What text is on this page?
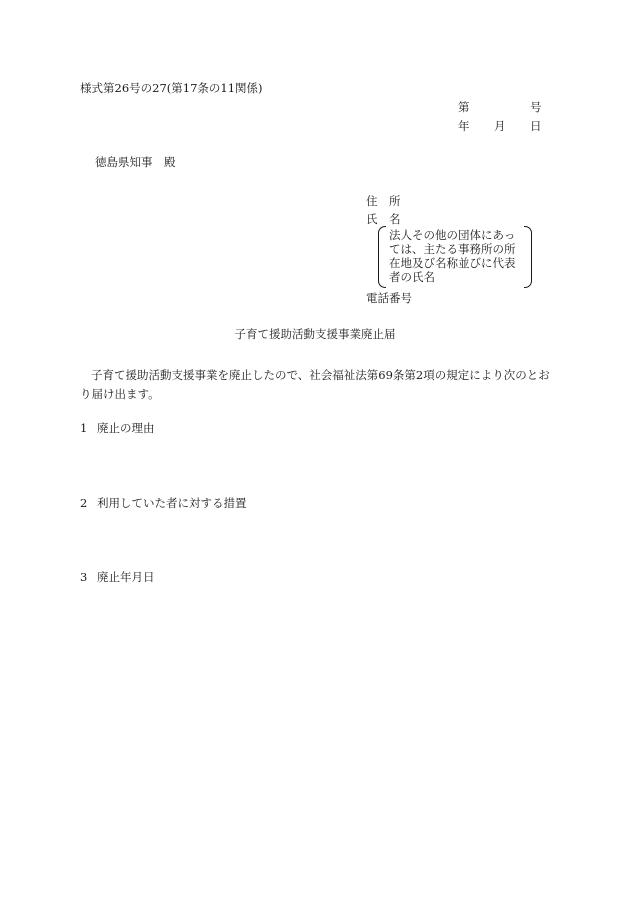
様式第26号の27(第17条の11関係)
第	号
年 月 日
徳島県知事　殿
住　所
氏　名
法人その他の団体にあっ
ては、主たる事務所の所
在地及び名称並びに代表
者の氏名
電話番号
子育て援助活動支援事業廃止届
子育て援助活動支援事業を廃止したので、社会福祉法第69条第2項の規定により次のとおり届け出ます。
1 廃止の理由
2 利用していた者に対する措置
3 廃止年月日
